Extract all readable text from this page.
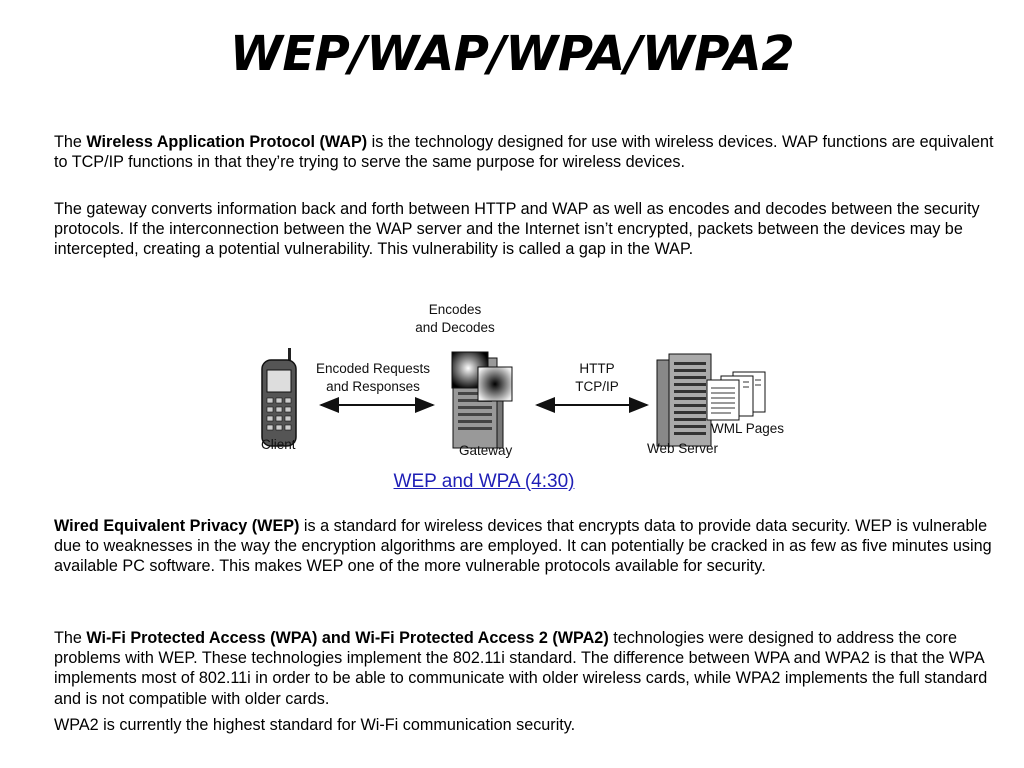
WEP/WAP/WPA/WPA2

The Wireless Application Protocol (WAP) is the technology designed for use with wireless devices. WAP functions are equivalent to TCP/IP functions in that they’re trying to serve the same purpose for wireless devices.

The gateway converts information back and forth between HTTP and WAP as well as encodes and decodes between the security protocols. If the interconnection between the WAP server and the Internet isn’t encrypted, packets between the devices may be intercepted, creating a potential vulnerability. This vulnerability is called a gap in the WAP.

Client
Encoded Requests
and Responses
Encodes
and Decodes
Gateway
HTTP
TCP/IP
WML Pages
Web Server
WEP and WPA (4:30)

Wired Equivalent Privacy (WEP) is a standard for wireless devices that encrypts data to provide data security. WEP is vulnerable due to weaknesses in the way the encryption algorithms are employed. It can potentially be cracked in as few as five minutes using available PC software. This makes WEP one of the more vulnerable protocols available for security.

The Wi-Fi Protected Access (WPA) and Wi-Fi Protected Access 2 (WPA2) technologies were designed to address the core problems with WEP. These technologies implement the 802.11i standard. The difference between WPA and WPA2 is that the WPA implements most of 802.11i in order to be able to communicate with older wireless cards, while WPA2 implements the full standard and is not compatible with older cards.

WPA2 is currently the highest standard for Wi-Fi communication security.
